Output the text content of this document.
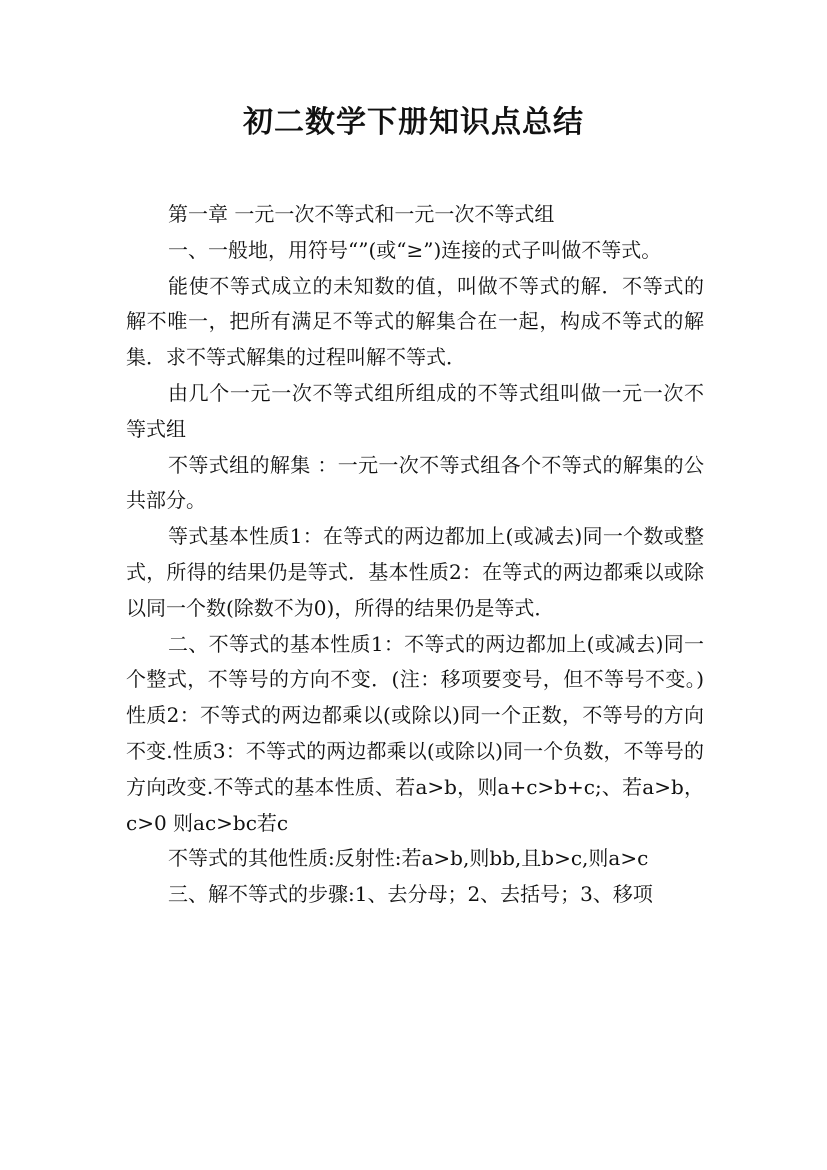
初二数学下册知识点总结

第一章 一元一次不等式和一元一次不等式组

一、一般地，用符号“”(或“≥”)连接的式子叫做不等式。

能使不等式成立的未知数的值，叫做不等式的解．不等式的解不唯一，把所有满足不等式的解集合在一起，构成不等式的解集．求不等式解集的过程叫解不等式．

由几个一元一次不等式组所组成的不等式组叫做一元一次不等式组

不等式组的解集 ：一元一次不等式组各个不等式的解集的公共部分。

等式基本性质1：在等式的两边都加上(或减去)同一个数或整式，所得的结果仍是等式．基本性质2：在等式的两边都乘以或除以同一个数(除数不为0)，所得的结果仍是等式．

二、不等式的基本性质1：不等式的两边都加上(或减去)同一个整式，不等号的方向不变．(注：移项要变号，但不等号不变。)性质2：不等式的两边都乘以(或除以)同一个正数，不等号的方向不变.性质3：不等式的两边都乘以(或除以)同一个负数，不等号的方向改变.不等式的基本性质、若a>b，则a+c>b+c;、若a>b，c>0 则ac>bc若c

不等式的其他性质:反射性:若a>b,则bb,且b>c,则a>c

三、解不等式的步骤:1、去分母；2、去括号；3、移项
